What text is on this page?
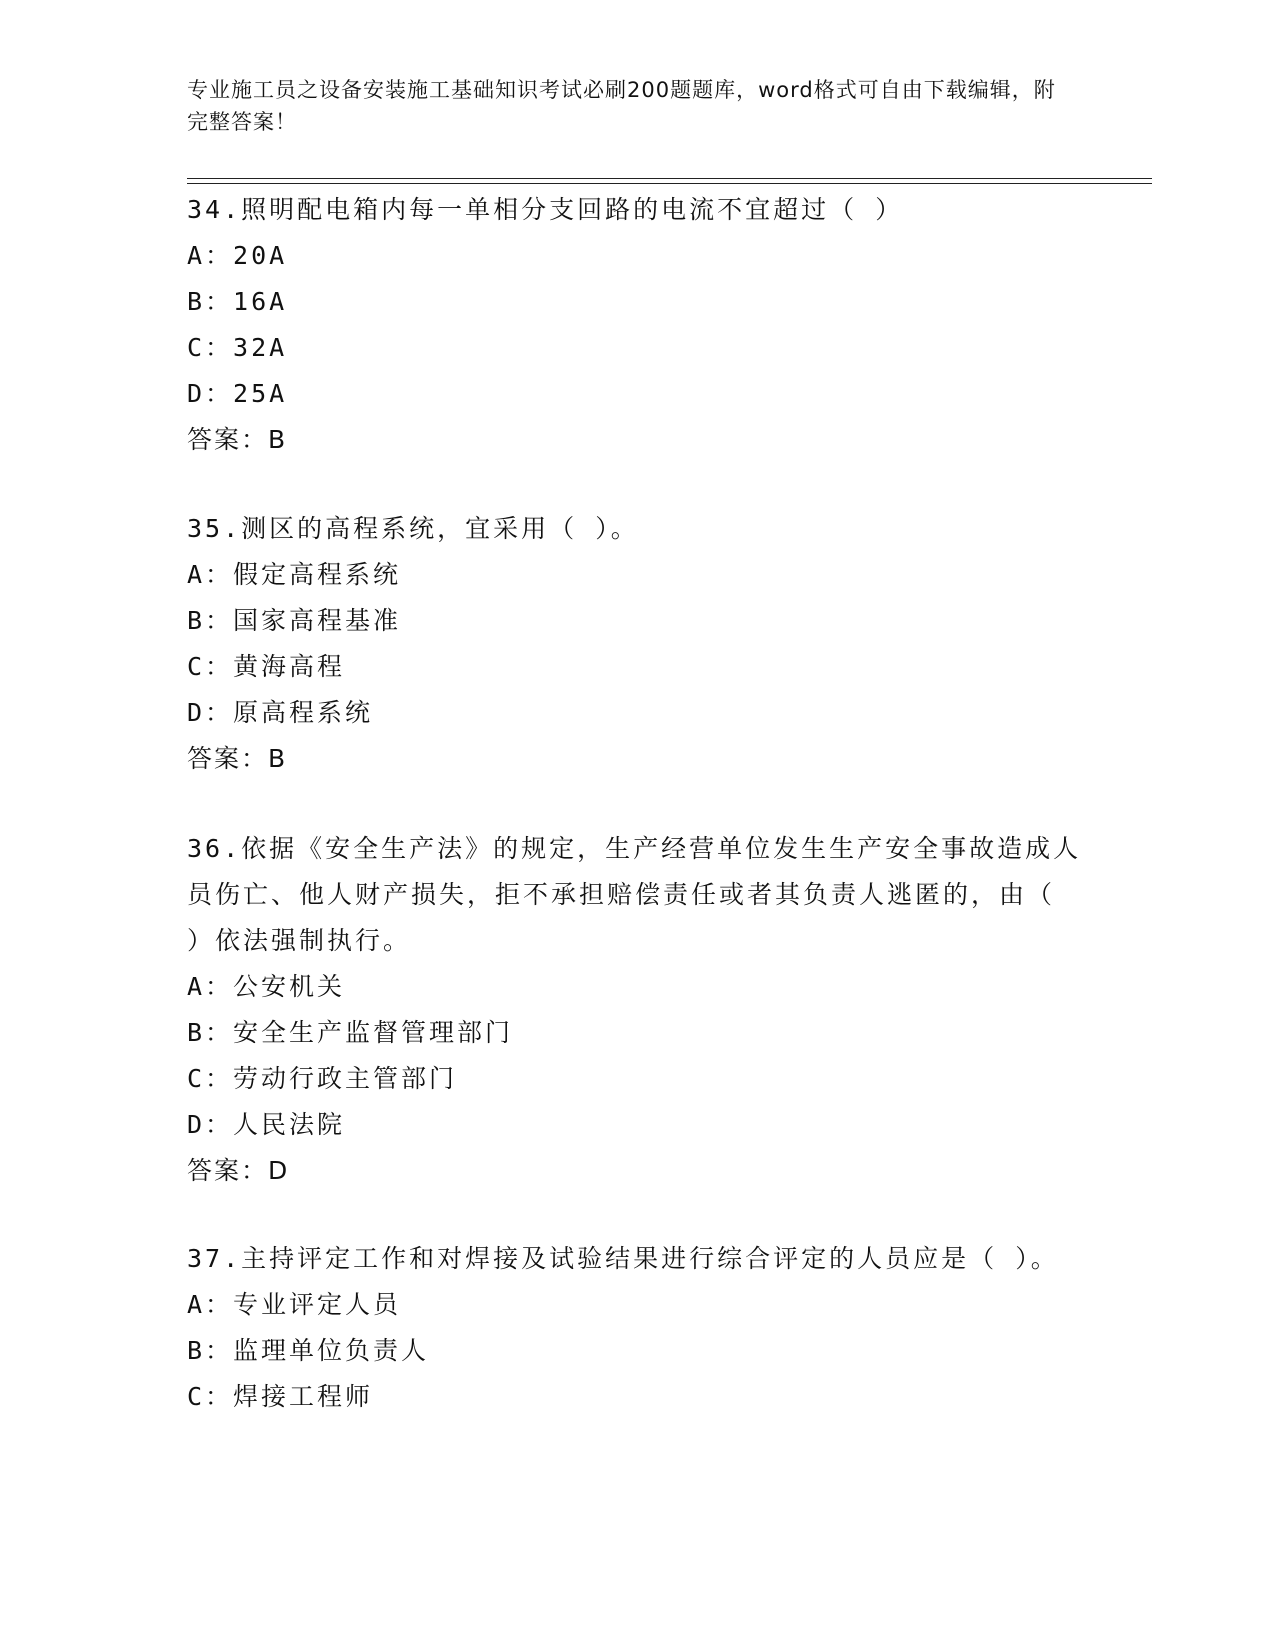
专业施工员之设备安装施工基础知识考试必刷200题题库，word格式可自由下载编辑，附完整答案！
34.照明配电箱内每一单相分支回路的电流不宜超过（ ）
A：20A
B：16A
C：32A
D：25A
答案：B
35.测区的高程系统，宜采用（ ）。
A：假定高程系统
B：国家高程基准
C：黄海高程
D：原高程系统
答案：B
36.依据《安全生产法》的规定，生产经营单位发生生产安全事故造成人员伤亡、他人财产损失，拒不承担赔偿责任或者其负责人逃匿的，由（ ）依法强制执行。
A：公安机关
B：安全生产监督管理部门
C：劳动行政主管部门
D：人民法院
答案：D
37.主持评定工作和对焊接及试验结果进行综合评定的人员应是（ ）。
A：专业评定人员
B：监理单位负责人
C：焊接工程师
